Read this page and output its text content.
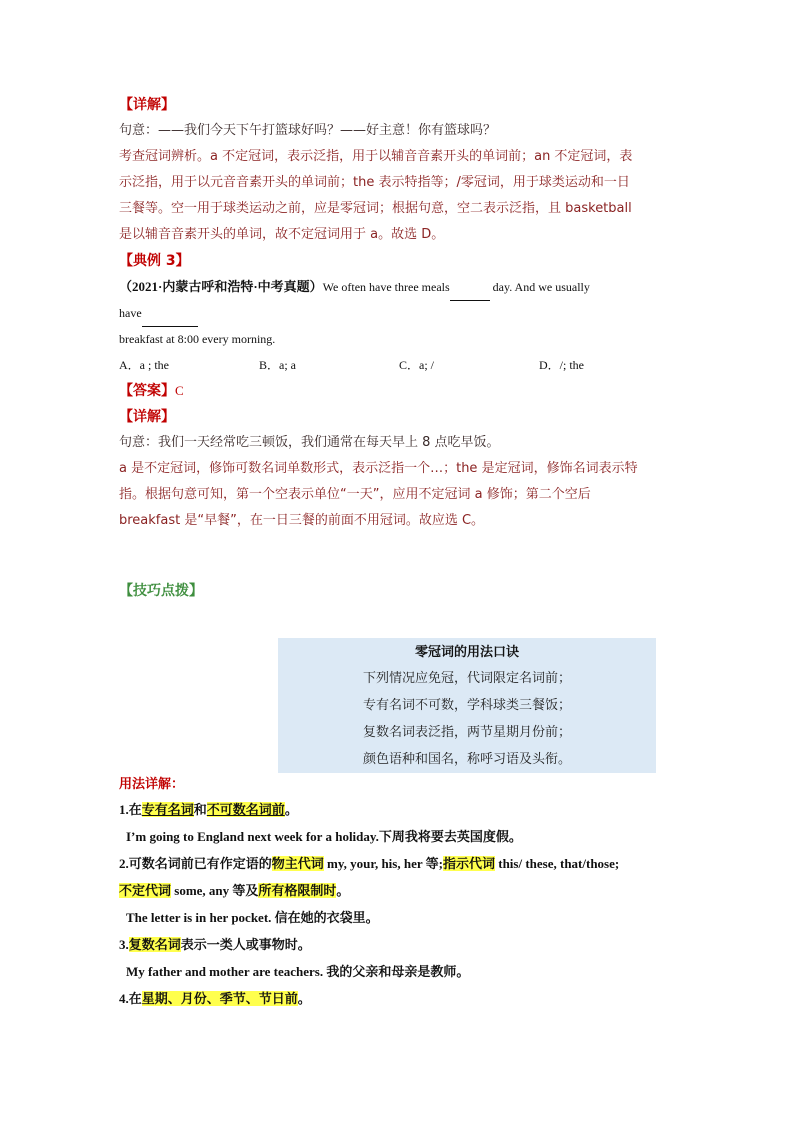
【详解】
句意：——我们今天下午打篮球好吗？——好主意！你有篮球吗？
考查冠词辨析。a 不定冠词，表示泛指，用于以辅音音素开头的单词前；an 不定冠词，表
示泛指，用于以元音音素开头的单词前；the 表示特指等；/零冠词，用于球类运动和一日
三餐等。空一用于球类运动之前，应是零冠词；根据句意，空二表示泛指，且 basketball
是以辅音音素开头的单词，故不定冠词用于 a。故选 D。
【典例 3】
（2021·内蒙古呼和浩特·中考真题）We often have three meals	day. And we usually
have
breakfast at 8:00 every morning.
A．a ; the	B．a; a	C．a; /	D．/; the
【答案】C
【详解】
句意：我们一天经常吃三顿饭，我们通常在每天早上 8 点吃早饭。
a 是不定冠词，修饰可数名词单数形式，表示泛指一个…；the 是定冠词，修饰名词表示特
指。根据句意可知，第一个空表示单位“一天”，应用不定冠词 a 修饰；第二个空后
breakfast 是“早餐”，在一日三餐的前面不用冠词。故应选 C。
【技巧点拨】
零冠词的用法口诀
下列情况应免冠，代词限定名词前；
专有名词不可数，学科球类三餐饭；
复数名词表泛指，两节星期月份前；
颜色语种和国名，称呼习语及头衔。
用法详解：
1.在专有名词和不可数名词前。
I’m going to England next week for a holiday.下周我将要去英国度假。
2.可数名词前已有作定语的物主代词 my, your, his, her 等;指示代词 this/ these, that/those;
不定代词 some, any 等及所有格限制时。
The letter is in her pocket. 信在她的衣袋里。
3.复数名词表示一类人或事物时。
My father and mother are teachers. 我的父亲和母亲是教师。
4.在星期、月份、季节、节日前。
